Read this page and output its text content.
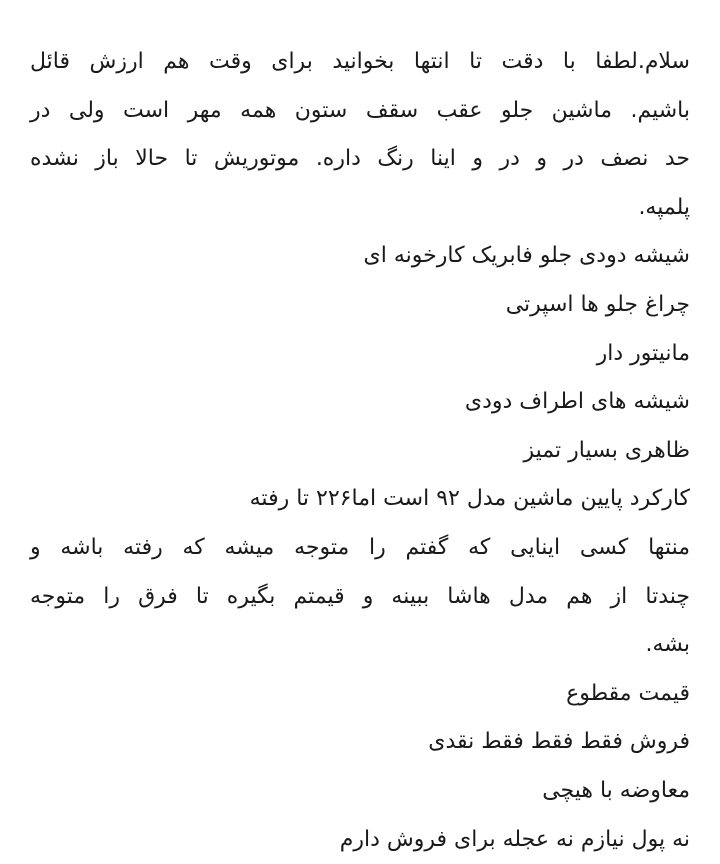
سلام.لطفا با دقت تا انتها بخوانید برای وقت هم ارزش قائل
باشیم. ماشین جلو عقب سقف ستون همه مهر است ولی در
حد نصف در و در و اینا رنگ داره. موتوریش تا حالا باز نشده
پلمپه.
شیشه دودی جلو فابریک کارخونه ای
چراغ جلو ها اسپرتی
مانیتور دار
شیشه های اطراف دودی
ظاهری بسیار تمیز
کارکرد پایین ماشین مدل ۹۲ است اما۲۲۶ تا رفته
منتها کسی اینایی که گفتم را متوجه میشه که رفته باشه و
چندتا از هم مدل هاشا ببینه و قیمتم بگیره تا فرق را متوجه
بشه.
قیمت مقطوع
فروش فقط فقط فقط نقدی
معاوضه با هیچی
نه پول نیازم نه عجله برای فروش دارم
